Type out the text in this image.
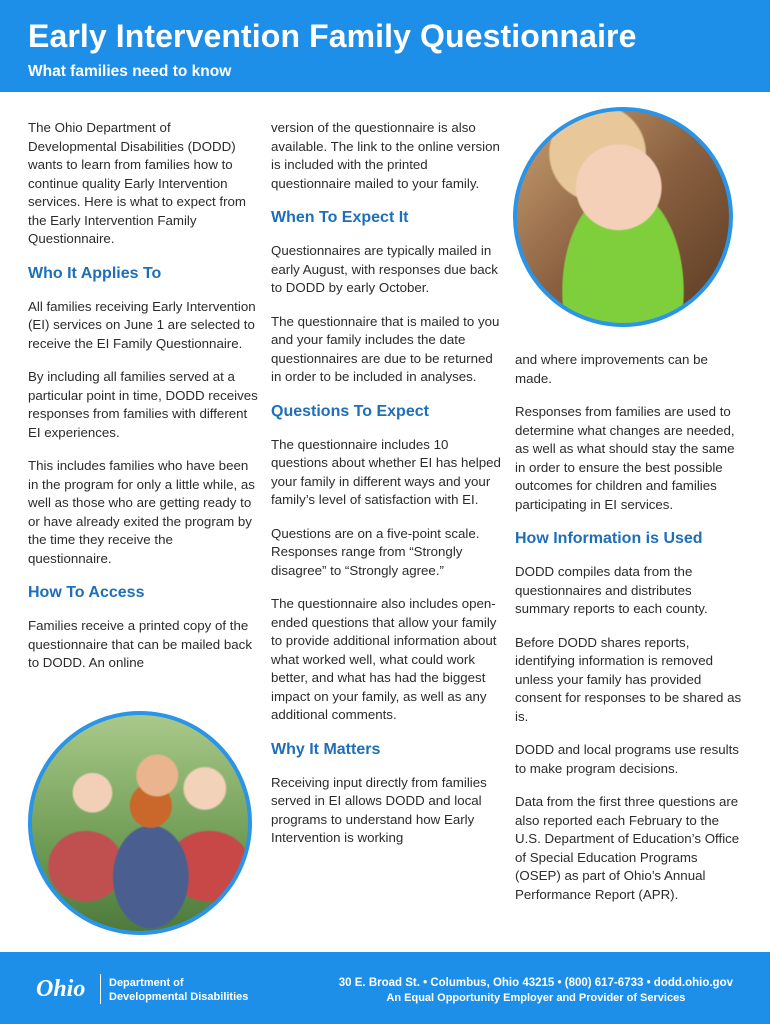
Early Intervention Family Questionnaire
What families need to know

The Ohio Department of Developmental Disabilities (DODD) wants to learn from families how to continue quality Early Intervention services. Here is what to expect from the Early Intervention Family Questionnaire.

Who It Applies To

All families receiving Early Intervention (EI) services on June 1 are selected to receive the EI Family Questionnaire.

By including all families served at a particular point in time, DODD receives responses from families with different EI experiences.

This includes families who have been in the program for only a little while, as well as those who are getting ready to or have already exited the program by the time they receive the questionnaire.

How To Access

Families receive a printed copy of the questionnaire that can be mailed back to DODD. An online

version of the questionnaire is also available. The link to the online version is included with the printed questionnaire mailed to your family.

When To Expect It

Questionnaires are typically mailed in early August, with responses due back to DODD by early October.

The questionnaire that is mailed to you and your family includes the date questionnaires are due to be returned in order to be included in analyses.

Questions To Expect

The questionnaire includes 10 questions about whether EI has helped your family in different ways and your family’s level of satisfaction with EI.

Questions are on a five-point scale. Responses range from “Strongly disagree” to “Strongly agree.”

The questionnaire also includes open-ended questions that allow your family to provide additional information about what worked well, what could work better, and what has had the biggest impact on your family, as well as any additional comments.

Why It Matters

Receiving input directly from families served in EI allows DODD and local programs to understand how Early Intervention is working

and where improvements can be made.

Responses from families are used to determine what changes are needed, as well as what should stay the same in order to ensure the best possible outcomes for children and families participating in EI services.

How Information is Used

DODD compiles data from the questionnaires and distributes summary reports to each county.

Before DODD shares reports, identifying information is removed unless your family has provided consent for responses to be shared as is.

DODD and local programs use results to make program decisions.

Data from the first three questions are also reported each February to the U.S. Department of Education’s Office of Special Education Programs (OSEP) as part of Ohio’s Annual Performance Report (APR).

Ohio Department of
Developmental Disabilities
30 E. Broad St. • Columbus, Ohio 43215 • (800) 617-6733 • dodd.ohio.gov
An Equal Opportunity Employer and Provider of Services
